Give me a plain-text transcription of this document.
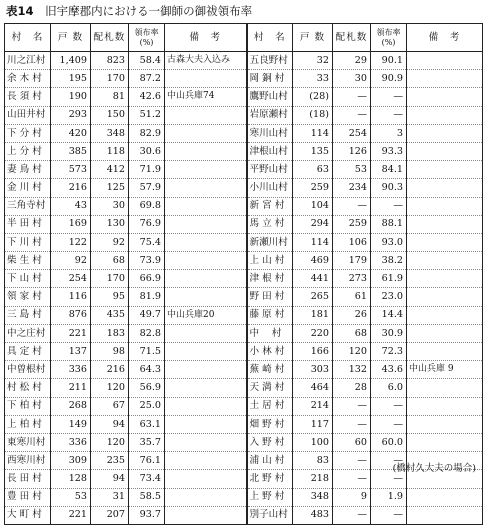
表14 旧宇摩郡内における一御師の御祓領布率
村　名	戸 数	配札数	領布率
(%)	備　考	村　名	戸 数	配札数	領布率
(%)	備　考
川之江村	1,409	823	58.4	古森大夫入込み	五良野村	32	29	90.1	
余 木 村	195	170	87.2		岡 銅 村	33	30	90.9	
長 須 村	190	81	42.6	中山兵庫74	鷹野山村	(28)	—	—	
山田井村	293	150	51.2		岩原瀬村	(18)	—	—	
下 分 村	420	348	82.9		寒川山村	114	254	3	
上 分 村	385	118	30.6		津根山村	135	126	93.3	
妻 鳥 村	573	412	71.9		平野山村	63	53	84.1	
金 川 村	216	125	57.9		小川山村	259	234	90.3	
三角寺村	43	30	69.8		新 宮 村	104	—	—	
半 田 村	169	130	76.9		馬 立 村	294	259	88.1	
下 川 村	122	92	75.4		新瀬川村	114	106	93.0	
柴 生 村	92	68	73.9		上 山 村	469	179	38.2	
下 山 村	254	170	66.9		津 根 村	441	273	61.9	
領 家 村	116	95	81.9		野 田 村	265	61	23.0	
三 島 村	876	435	49.7	中山兵庫20	藤 原 村	181	26	14.4	
中之庄村	221	183	82.8		中　 村	220	68	30.9	
具 定 村	137	98	71.5		小 林 村	166	120	72.3	
中曽根村	336	216	64.3		蕪 崎 村	303	132	43.6	中山兵庫 9
村 松 村	211	120	56.9		天 満 村	464	28	6.0	
下 柏 村	268	67	25.0		土 居 村	214	—	—	
上 柏 村	149	94	63.1		畑 野 村	117	—	—	
東寒川村	336	120	35.7		入 野 村	100	60	60.0	
西寒川村	309	235	76.1		浦 山 村	83	—	—	
長 田 村	128	94	73.4		北 野 村	218	—	—	
豊 田 村	53	31	58.5		上 野 村	348	9	1.9	
大 町 村	221	207	93.7		別子山村	483	—	—	
(橋村久大夫の場合)
